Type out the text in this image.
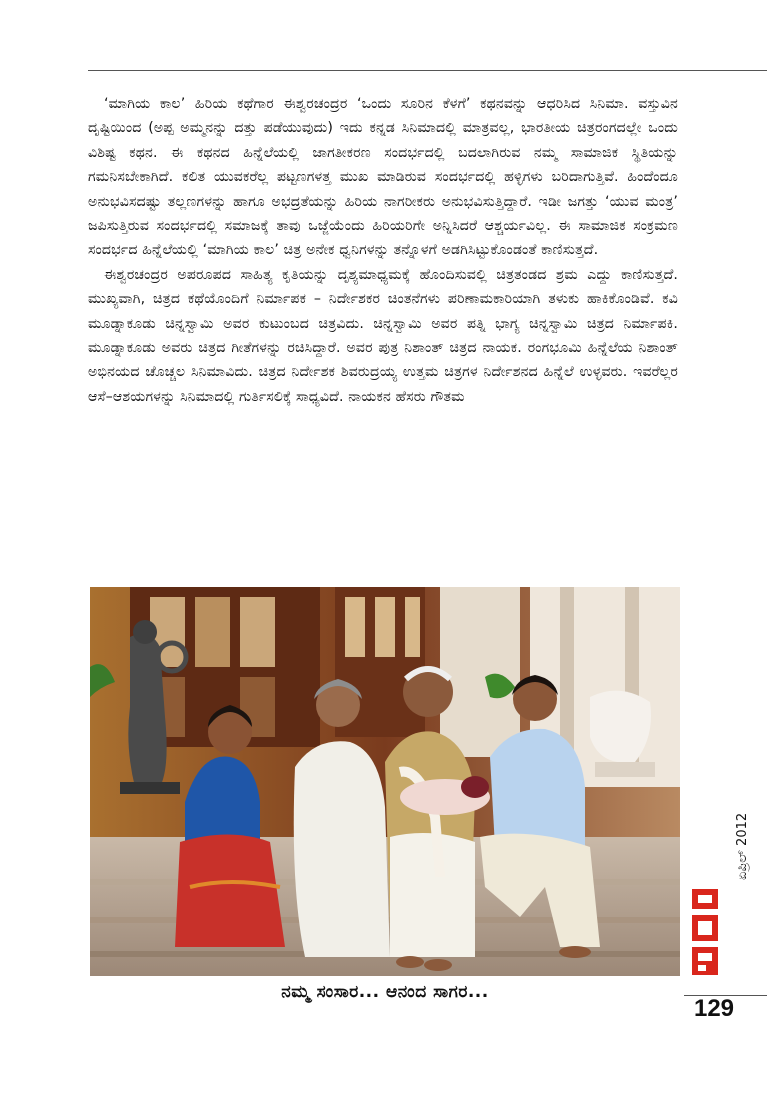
‘ಮಾಗಿಯ ಕಾಲ’ ಹಿರಿಯ ಕಥೆಗಾರ ಈಶ್ವರಚಂದ್ರರ ‘ಒಂದು ಸೂರಿನ ಕೆಳಗೆ’ ಕಥನವನ್ನು ಆಧರಿಸಿದ ಸಿನಿಮಾ. ವಸ್ತುವಿನ ದೃಷ್ಟಿಯಿಂದ (ಅಪ್ಪ ಅಮ್ಮನನ್ನು ದತ್ತು ಪಡೆಯುವುದು) ಇದು ಕನ್ನಡ ಸಿನಿಮಾದಲ್ಲಿ ಮಾತ್ರವಲ್ಲ, ಭಾರತೀಯ ಚಿತ್ರರಂಗದಲ್ಲೇ ಒಂದು ವಿಶಿಷ್ಟ ಕಥನ. ಈ ಕಥನದ ಹಿನ್ನೆಲೆಯಲ್ಲಿ ಜಾಗತೀಕರಣ ಸಂದರ್ಭದಲ್ಲಿ ಬದಲಾಗಿರುವ ನಮ್ಮ ಸಾಮಾಜಿಕ ಸ್ಥಿತಿಯನ್ನು ಗಮನಿಸಬೇಕಾಗಿದೆ. ಕಲಿತ ಯುವಕರೆಲ್ಲ ಪಟ್ಟಣಗಳತ್ತ ಮುಖ ಮಾಡಿರುವ ಸಂದರ್ಭದಲ್ಲಿ ಹಳ್ಳಿಗಳು ಬರಿದಾಗುತ್ತಿವೆ. ಹಿಂದೆಂದೂ ಅನುಭವಿಸದಷ್ಟು ತಲ್ಲಣಗಳನ್ನು ಹಾಗೂ ಅಭದ್ರತೆಯನ್ನು ಹಿರಿಯ ನಾಗರೀಕರು ಅನುಭವಿಸುತ್ತಿದ್ದಾರೆ. ಇಡೀ ಜಗತ್ತು ‘ಯುವ ಮಂತ್ರ’ ಜಪಿಸುತ್ತಿರುವ ಸಂದರ್ಭದಲ್ಲಿ ಸಮಾಜಕ್ಕೆ ತಾವು ಒಜ್ಜೆಯೆಂದು ಹಿರಿಯರಿಗೇ ಅನ್ನಿಸಿದರೆ ಆಶ್ಚರ್ಯವಿಲ್ಲ. ಈ ಸಾಮಾಜಿಕ ಸಂಕ್ರಮಣ ಸಂದರ್ಭದ ಹಿನ್ನೆಲೆಯಲ್ಲಿ ‘ಮಾಗಿಯ ಕಾಲ’ ಚಿತ್ರ ಅನೇಕ ಧ್ವನಿಗಳನ್ನು ತನ್ನೊಳಗೆ ಅಡಗಿಸಿಟ್ಟುಕೊಂಡಂತೆ ಕಾಣಿಸುತ್ತದೆ.

ಈಶ್ವರಚಂದ್ರರ ಅಪರೂಪದ ಸಾಹಿತ್ಯ ಕೃತಿಯನ್ನು ದೃಶ್ಯಮಾಧ್ಯಮಕ್ಕೆ ಹೊಂದಿಸುವಲ್ಲಿ ಚಿತ್ರತಂಡದ ಶ್ರಮ ಎದ್ದು ಕಾಣಿಸುತ್ತದೆ. ಮುಖ್ಯವಾಗಿ, ಚಿತ್ರದ ಕಥೆಯೊಂದಿಗೆ ನಿರ್ಮಾಪಕ – ನಿರ್ದೇಶಕರ ಚಿಂತನೆಗಳು ಪರಿಣಾಮಕಾರಿಯಾಗಿ ತಳುಕು ಹಾಕಿಕೊಂಡಿವೆ. ಕವಿ ಮೂಡ್ನಾಕೂಡು ಚಿನ್ನಸ್ವಾಮಿ ಅವರ ಕುಟುಂಬದ ಚಿತ್ರವಿದು. ಚಿನ್ನಸ್ವಾಮಿ ಅವರ ಪತ್ನಿ ಭಾಗ್ಯ ಚಿನ್ನಸ್ವಾಮಿ ಚಿತ್ರದ ನಿರ್ಮಾಪಕಿ. ಮೂಡ್ನಾಕೂಡು ಅವರು ಚಿತ್ರದ ಗೀತೆಗಳನ್ನು ರಚಿಸಿದ್ದಾರೆ. ಅವರ ಪುತ್ರ ನಿಶಾಂತ್ ಚಿತ್ರದ ನಾಯಕ. ರಂಗಭೂಮಿ ಹಿನ್ನೆಲೆಯ ನಿಶಾಂತ್ ಅಭಿನಯದ ಚೊಚ್ಚಲ ಸಿನಿಮಾವಿದು. ಚಿತ್ರದ ನಿರ್ದೇಶಕ ಶಿವರುದ್ರಯ್ಯ ಉತ್ತಮ ಚಿತ್ರಗಳ ನಿರ್ದೇಶನದ ಹಿನ್ನೆಲೆ ಉಳ್ಳವರು. ಇವರೆಲ್ಲರ ಆಸೆ–ಆಶಯಗಳನ್ನು ಸಿನಿಮಾದಲ್ಲಿ ಗುರ್ತಿಸಲಿಕ್ಕೆ ಸಾಧ್ಯವಿದೆ. ನಾಯಕನ ಹೆಸರು ಗೌತಮ

ನಮ್ಮ ಸಂಸಾರ... ಆನಂದ ಸಾಗರ...
ಏಪ್ರಿಲ್ 2012
129
